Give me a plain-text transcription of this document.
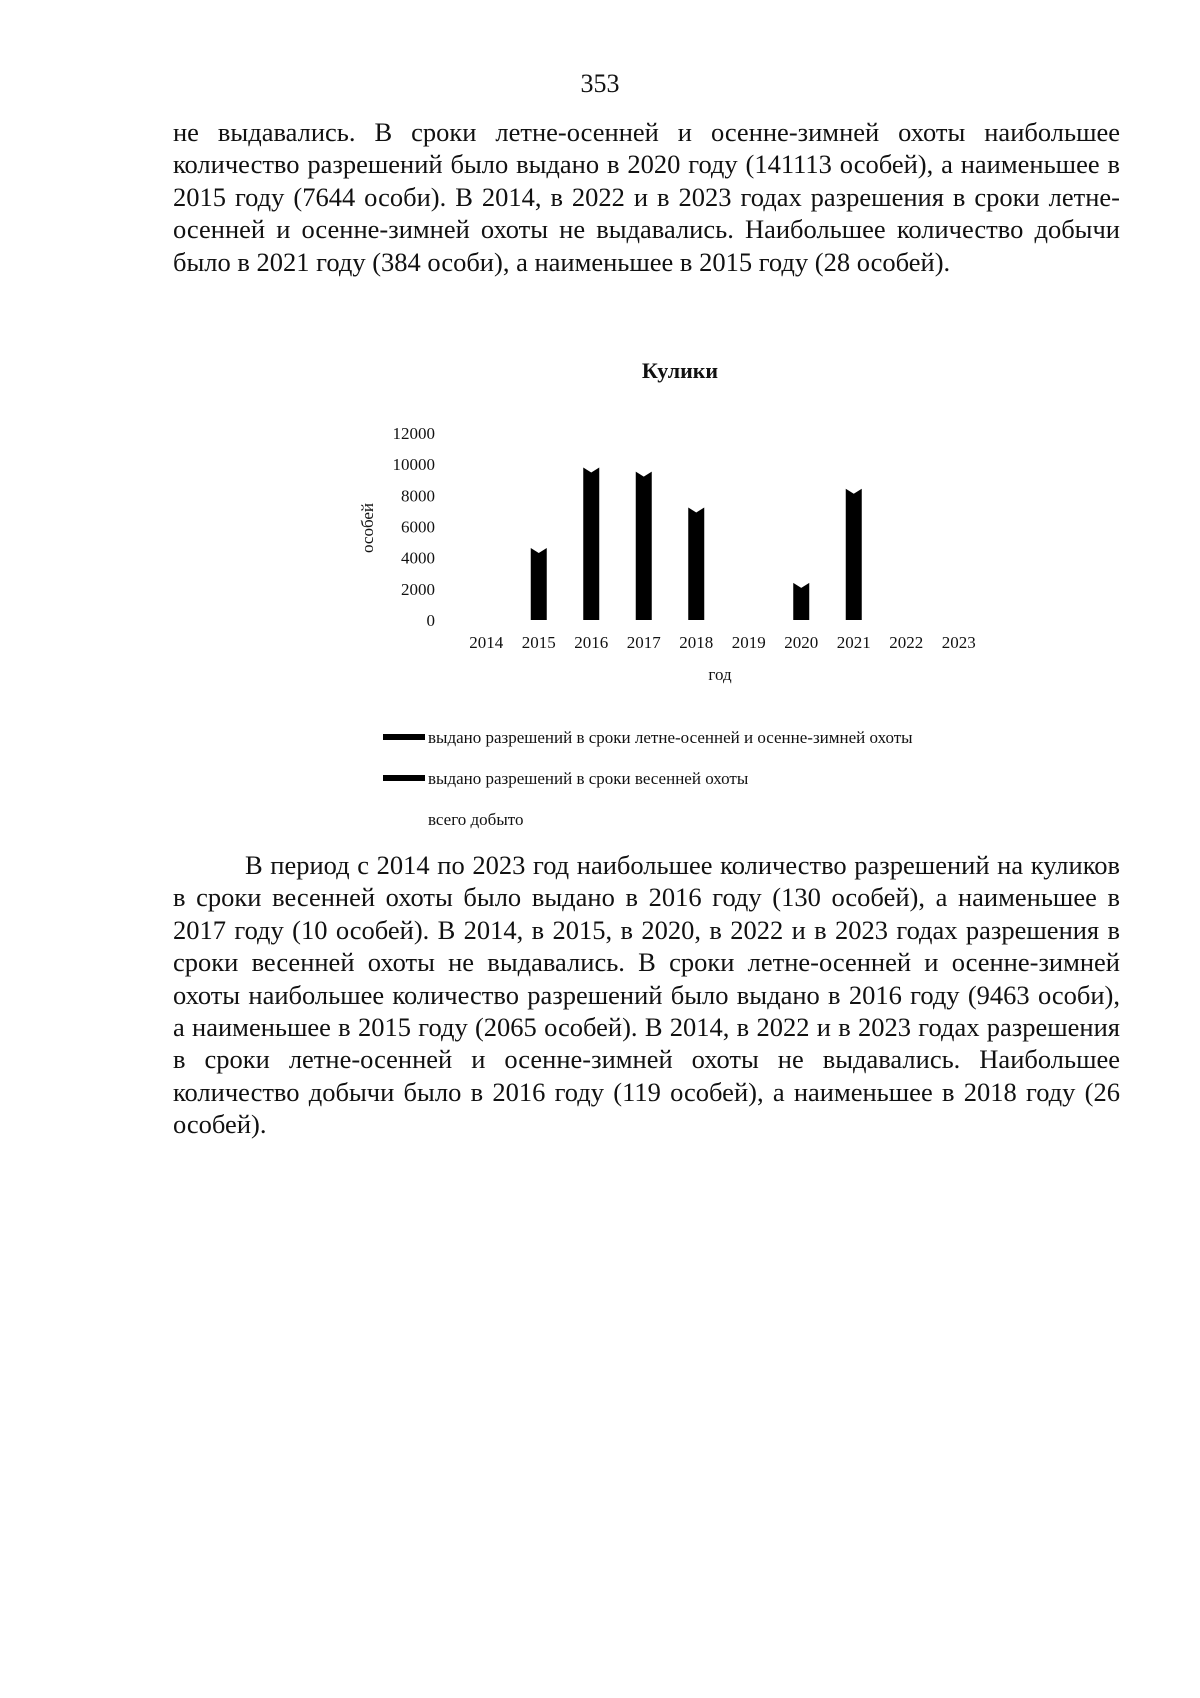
353

не выдавались. В сроки летне-осенней и осенне-зимней охоты наибольшее количество разрешений было выдано в 2020 году (141113 особей), а наименьшее в 2015 году (7644 особи). В 2014, в 2022 и в 2023 годах разрешения в сроки летне-осенней и осенне-зимней охоты не выдавались. Наибольшее количество добычи было в 2021 году (384 особи), а наименьшее в 2015 году (28 особей).

Кулики
0
2000
4000
6000
8000
10000
12000
2014 2015 2016 2017 2018 2019 2020 2021 2022 2023
год
особей
выдано разрешений в сроки летне-осенней и осенне-зимней охоты
выдано разрешений в сроки весенней охоты
всего добыто

В период с 2014 по 2023 год наибольшее количество разрешений на куликов в сроки весенней охоты было выдано в 2016 году (130 особей), а наименьшее в 2017 году (10 особей). В 2014, в 2015, в 2020, в 2022 и в 2023 годах разрешения в сроки весенней охоты не выдавались. В сроки летне-осенней и осенне-зимней охоты наибольшее количество разрешений было выдано в 2016 году (9463 особи), а наименьшее в 2015 году (2065 особей). В 2014, в 2022 и в 2023 годах разрешения в сроки летне-осенней и осенне-зимней охоты не выдавались. Наибольшее количество добычи было в 2016 году (119 особей), а наименьшее в 2018 году (26 особей).
